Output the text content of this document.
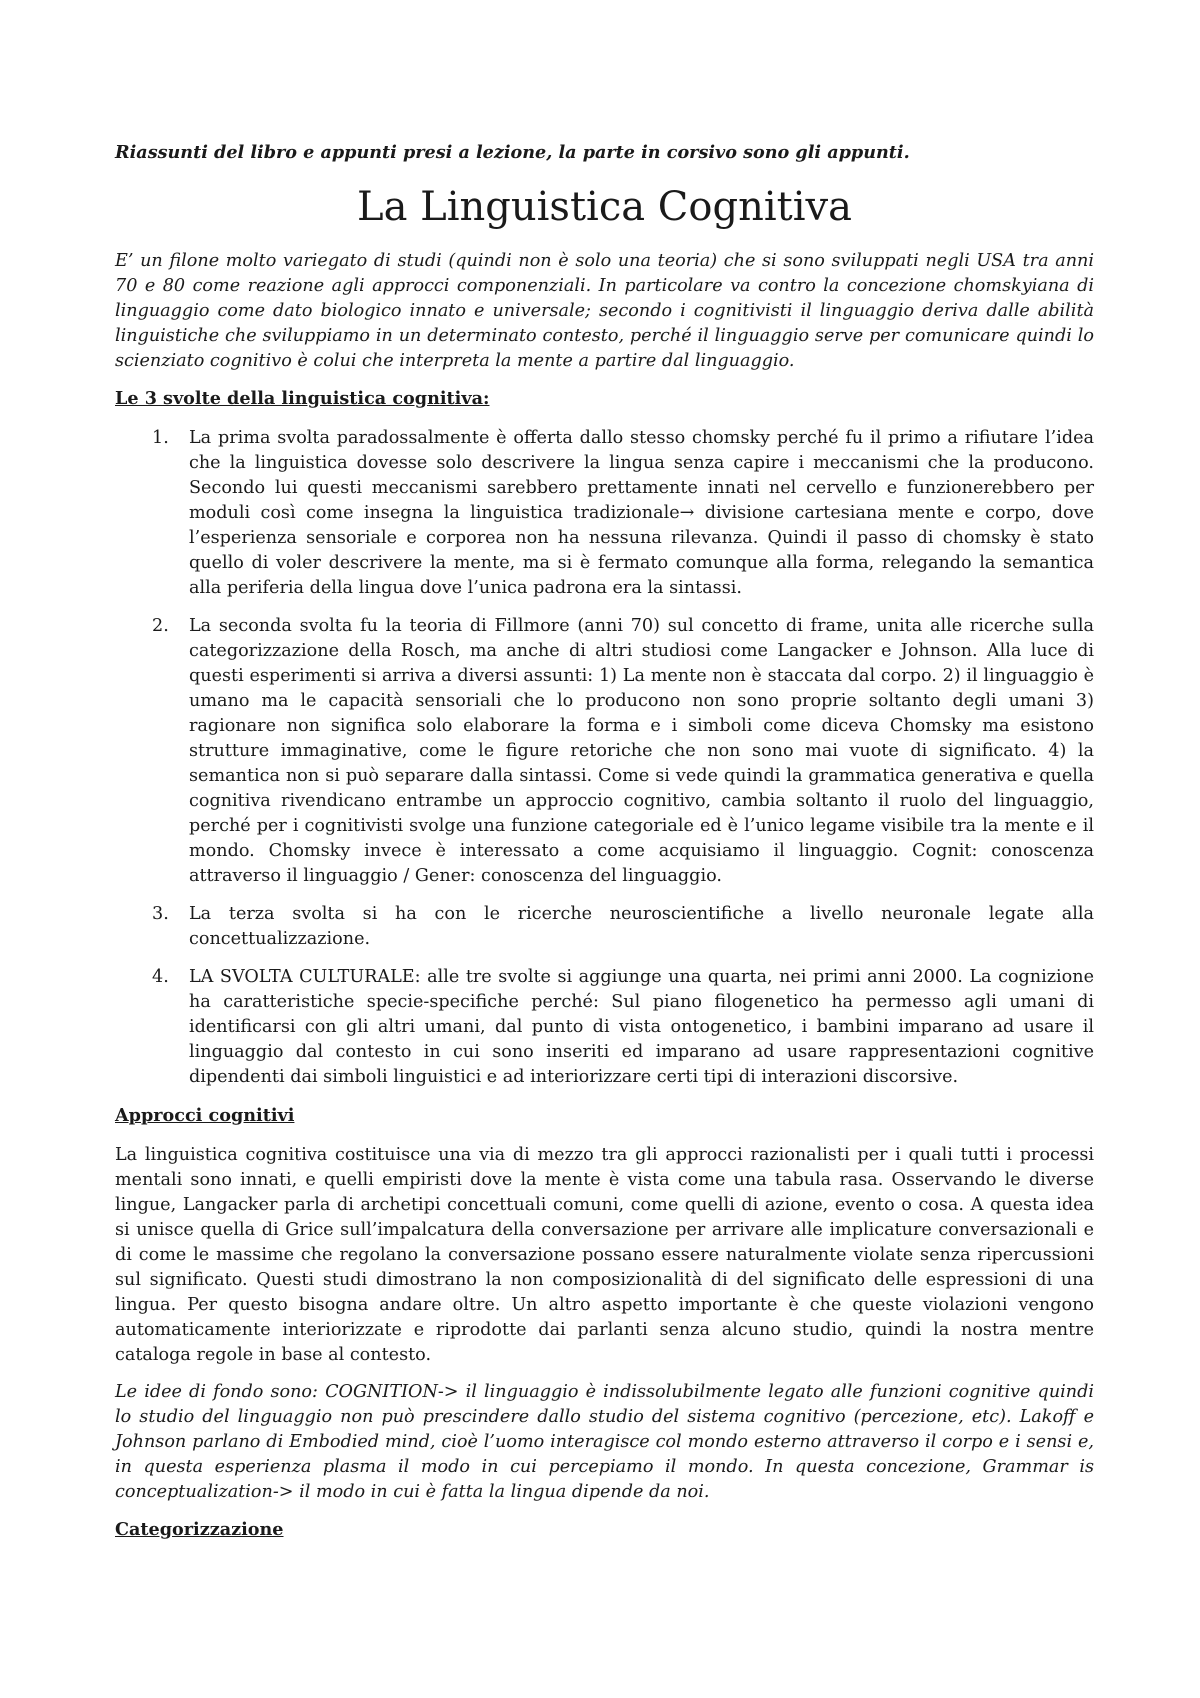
Riassunti del libro e appunti presi a lezione, la parte in corsivo sono gli appunti.

La Linguistica Cognitiva

E’ un filone molto variegato di studi (quindi non è solo una teoria) che si sono sviluppati negli USA tra anni 70 e 80 come reazione agli approcci componenziali. In particolare va contro la concezione chomskyiana di linguaggio come dato biologico innato e universale; secondo i cognitivisti il linguaggio deriva dalle abilità linguistiche che sviluppiamo in un determinato contesto, perché il linguaggio serve per comunicare quindi lo scienziato cognitivo è colui che interpreta la mente a partire dal linguaggio.

Le 3 svolte della linguistica cognitiva:

1. La prima svolta paradossalmente è offerta dallo stesso chomsky perché fu il primo a rifiutare l’idea che la linguistica dovesse solo descrivere la lingua senza capire i meccanismi che la producono. Secondo lui questi meccanismi sarebbero prettamente innati nel cervello e funzionerebbero per moduli così come insegna la linguistica tradizionale→ divisione cartesiana mente e corpo, dove l’esperienza sensoriale e corporea non ha nessuna rilevanza. Quindi il passo di chomsky è stato quello di voler descrivere la mente, ma si è fermato comunque alla forma, relegando la semantica alla periferia della lingua dove l’unica padrona era la sintassi.
2. La seconda svolta fu la teoria di Fillmore (anni 70) sul concetto di frame, unita alle ricerche sulla categorizzazione della Rosch, ma anche di altri studiosi come Langacker e Johnson. Alla luce di questi esperimenti si arriva a diversi assunti: 1) La mente non è staccata dal corpo. 2) il linguaggio è umano ma le capacità sensoriali che lo producono non sono proprie soltanto degli umani 3) ragionare non significa solo elaborare la forma e i simboli come diceva Chomsky ma esistono strutture immaginative, come le figure retoriche che non sono mai vuote di significato. 4) la semantica non si può separare dalla sintassi. Come si vede quindi la grammatica generativa e quella cognitiva rivendicano entrambe un approccio cognitivo, cambia soltanto il ruolo del linguaggio, perché per i cognitivisti svolge una funzione categoriale ed è l’unico legame visibile tra la mente e il mondo. Chomsky invece è interessato a come acquisiamo il linguaggio. Cognit: conoscenza attraverso il linguaggio / Gener: conoscenza del linguaggio.
3. La terza svolta si ha con le ricerche neuroscientifiche a livello neuronale legate alla concettualizzazione.
4. LA SVOLTA CULTURALE: alle tre svolte si aggiunge una quarta, nei primi anni 2000. La cognizione ha caratteristiche specie-specifiche perché: Sul piano filogenetico ha permesso agli umani di identificarsi con gli altri umani, dal punto di vista ontogenetico, i bambini imparano ad usare il linguaggio dal contesto in cui sono inseriti ed imparano ad usare rappresentazioni cognitive dipendenti dai simboli linguistici e ad interiorizzare certi tipi di interazioni discorsive.

Approcci cognitivi

La linguistica cognitiva costituisce una via di mezzo tra gli approcci razionalisti per i quali tutti i processi mentali sono innati, e quelli empiristi dove la mente è vista come una tabula rasa. Osservando le diverse lingue, Langacker parla di archetipi concettuali comuni, come quelli di azione, evento o cosa. A questa idea si unisce quella di Grice sull’impalcatura della conversazione per arrivare alle implicature conversazionali e di come le massime che regolano la conversazione possano essere naturalmente violate senza ripercussioni sul significato. Questi studi dimostrano la non composizionalità di del significato delle espressioni di una lingua. Per questo bisogna andare oltre. Un altro aspetto importante è che queste violazioni vengono automaticamente interiorizzate e riprodotte dai parlanti senza alcuno studio, quindi la nostra mentre cataloga regole in base al contesto.

Le idee di fondo sono: COGNITION-> il linguaggio è indissolubilmente legato alle funzioni cognitive quindi lo studio del linguaggio non può prescindere dallo studio del sistema cognitivo (percezione, etc). Lakoff e Johnson parlano di Embodied mind, cioè l’uomo interagisce col mondo esterno attraverso il corpo e i sensi e, in questa esperienza plasma il modo in cui percepiamo il mondo. In questa concezione, Grammar is conceptualization-> il modo in cui è fatta la lingua dipende da noi.

Categorizzazione
